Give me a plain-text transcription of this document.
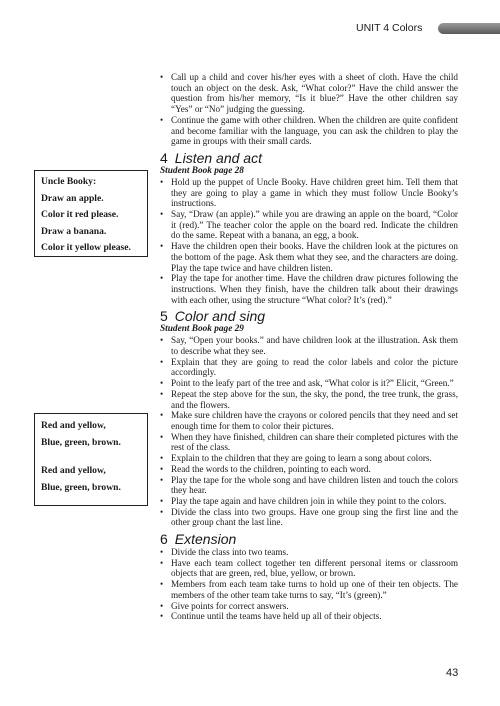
UNIT 4 Colors
Uncle Booky:
Draw an apple.
Color it red please.
Draw a banana.
Color it yellow please.
Red and yellow,
Blue, green, brown.
Red and yellow,
Blue, green, brown.
• Call up a child and cover his/her eyes with a sheet of cloth. Have the child touch an object on the desk. Ask, “What color?” Have the child answer the question from his/her memory, “Is it blue?” Have the other children say “Yes” or “No” judging the guessing.
• Continue the game with other children. When the children are quite confident and become familiar with the language, you can ask the children to play the game in groups with their small cards.
4 Listen and act
Student Book page 28
• Hold up the puppet of Uncle Booky. Have children greet him. Tell them that they are going to play a game in which they must follow Uncle Booky’s instructions.
• Say, “Draw (an apple).” while you are drawing an apple on the board, “Color it (red).” The teacher color the apple on the board red. Indicate the children do the same. Repeat with a banana, an egg, a book.
• Have the children open their books. Have the children look at the pictures on the bottom of the page. Ask them what they see, and the characters are doing. Play the tape twice and have children listen.
• Play the tape for another time. Have the children draw pictures following the instructions. When they finish, have the children talk about their drawings with each other, using the structure “What color? It’s (red).”
5 Color and sing
Student Book page 29
• Say, “Open your books.” and have children look at the illustration. Ask them to describe what they see.
• Explain that they are going to read the color labels and color the picture accordingly.
• Point to the leafy part of the tree and ask, “What color is it?” Elicit, “Green.”
• Repeat the step above for the sun, the sky, the pond, the tree trunk, the grass, and the flowers.
• Make sure children have the crayons or colored pencils that they need and set enough time for them to color their pictures.
• When they have finished, children can share their completed pictures with the rest of the class.
• Explain to the children that they are going to learn a song about colors.
• Read the words to the children, pointing to each word.
• Play the tape for the whole song and have children listen and touch the colors they hear.
• Play the tape again and have children join in while they point to the colors.
• Divide the class into two groups. Have one group sing the first line and the other group chant the last line.
6 Extension
• Divide the class into two teams.
• Have each team collect together ten different personal items or classroom objects that are green, red, blue, yellow, or brown.
• Members from each team take turns to hold up one of their ten objects. The members of the other team take turns to say, “It’s (green).”
• Give points for correct answers.
• Continue until the teams have held up all of their objects.
43
